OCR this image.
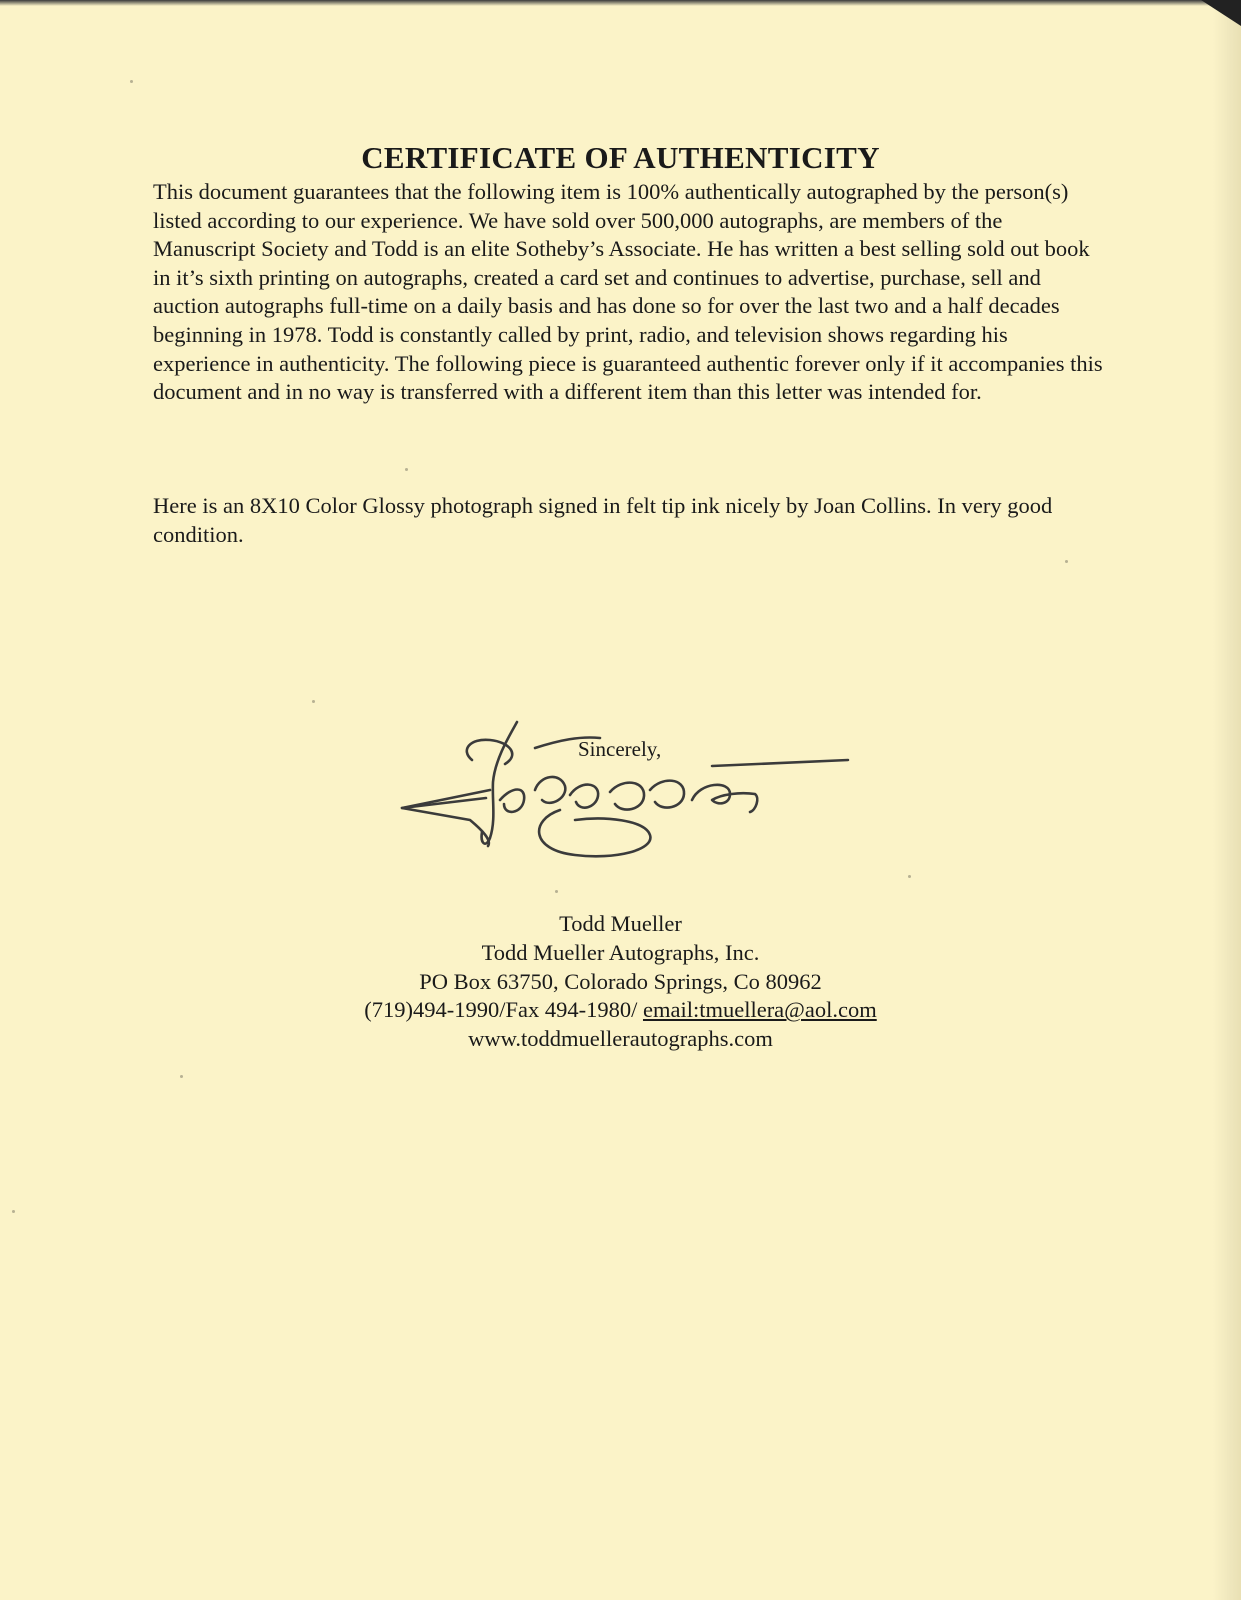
CERTIFICATE OF AUTHENTICITY

This document guarantees that the following item is 100% authentically autographed by the person(s) listed according to our experience. We have sold over 500,000 autographs, are members of the Manuscript Society and Todd is an elite Sotheby’s Associate. He has written a best selling sold out book in it’s sixth printing on autographs, created a card set and continues to advertise, purchase, sell and auction autographs full-time on a daily basis and has done so for over the last two and a half decades beginning in 1978. Todd is constantly called by print, radio, and television shows regarding his experience in authenticity. The following piece is guaranteed authentic forever only if it accompanies this document and in no way is transferred with a different item than this letter was intended for.

Here is an 8X10 Color Glossy photograph signed in felt tip ink nicely by Joan Collins. In very good condition.

Sincerely,

Todd Mueller
Todd Mueller Autographs, Inc.
PO Box 63750, Colorado Springs, Co 80962
(719)494-1990/Fax 494-1980/ email:tmuellera@aol.com
www.toddmuellerautographs.com
